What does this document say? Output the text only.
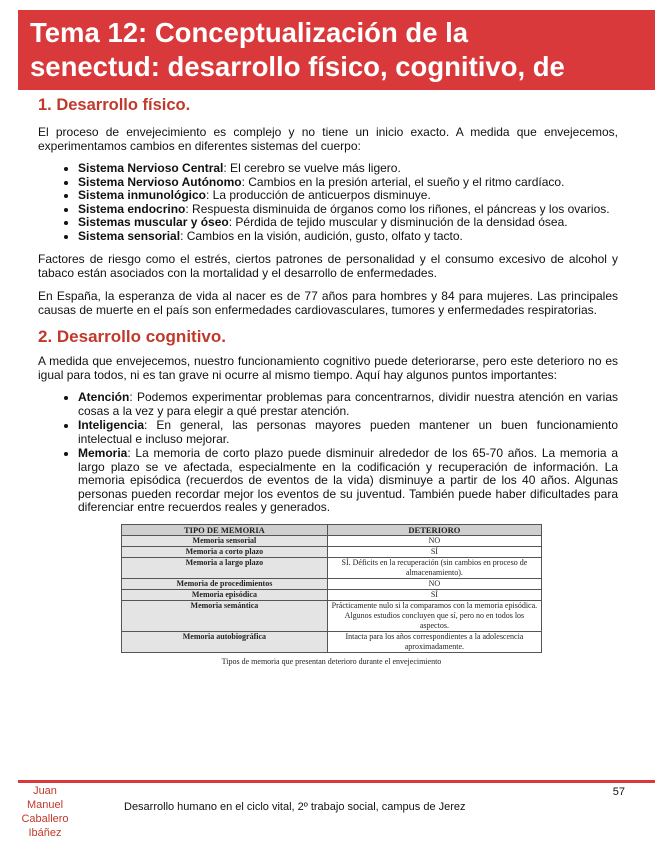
Tema 12: Conceptualización de la
senectud: desarrollo físico, cognitivo, de
1. Desarrollo físico.

El proceso de envejecimiento es complejo y no tiene un inicio exacto. A medida que envejecemos, experimentamos cambios en diferentes sistemas del cuerpo:

• Sistema Nervioso Central: El cerebro se vuelve más ligero.
• Sistema Nervioso Autónomo: Cambios en la presión arterial, el sueño y el ritmo cardíaco.
• Sistema inmunológico: La producción de anticuerpos disminuye.
• Sistema endocrino: Respuesta disminuida de órganos como los riñones, el páncreas y los ovarios.
• Sistemas muscular y óseo: Pérdida de tejido muscular y disminución de la densidad ósea.
• Sistema sensorial: Cambios en la visión, audición, gusto, olfato y tacto.

Factores de riesgo como el estrés, ciertos patrones de personalidad y el consumo excesivo de alcohol y tabaco están asociados con la mortalidad y el desarrollo de enfermedades.

En España, la esperanza de vida al nacer es de 77 años para hombres y 84 para mujeres. Las principales causas de muerte en el país son enfermedades cardiovasculares, tumores y enfermedades respiratorias.

2. Desarrollo cognitivo.

A medida que envejecemos, nuestro funcionamiento cognitivo puede deteriorarse, pero este deterioro no es igual para todos, ni es tan grave ni ocurre al mismo tiempo. Aquí hay algunos puntos importantes:

• Atención: Podemos experimentar problemas para concentrarnos, dividir nuestra atención en varias cosas a la vez y para elegir a qué prestar atención.
• Inteligencia: En general, las personas mayores pueden mantener un buen funcionamiento intelectual e incluso mejorar.
• Memoria: La memoria de corto plazo puede disminuir alrededor de los 65-70 años. La memoria a largo plazo se ve afectada, especialmente en la codificación y recuperación de información. La memoria episódica (recuerdos de eventos de la vida) disminuye a partir de los 40 años. Algunas personas pueden recordar mejor los eventos de su juventud. También puede haber dificultades para diferenciar entre recuerdos reales y generados.
TIPO DE MEMORIA	DETERIORO
Memoria sensorial	NO
Memoria a corto plazo	SÍ
Memoria a largo plazo	SÍ. Déficits en la recuperación (sin cambios en proceso de almacenamiento).
Memoria de procedimientos	NO
Memoria episódica	SÍ
Memoria semántica	Prácticamente nulo si la comparamos con la memoria episódica. Algunos estudios concluyen que sí, pero no en todos los aspectos.
Memoria autobiográfica	Intacta para los años correspondientes a la adolescencia aproximadamente.
Tipos de memoria que presentan deterioro durante el envejecimiento
Juan Manuel Caballero Ibáñez
57
Desarrollo humano en el ciclo vital, 2º trabajo social, campus de Jerez
